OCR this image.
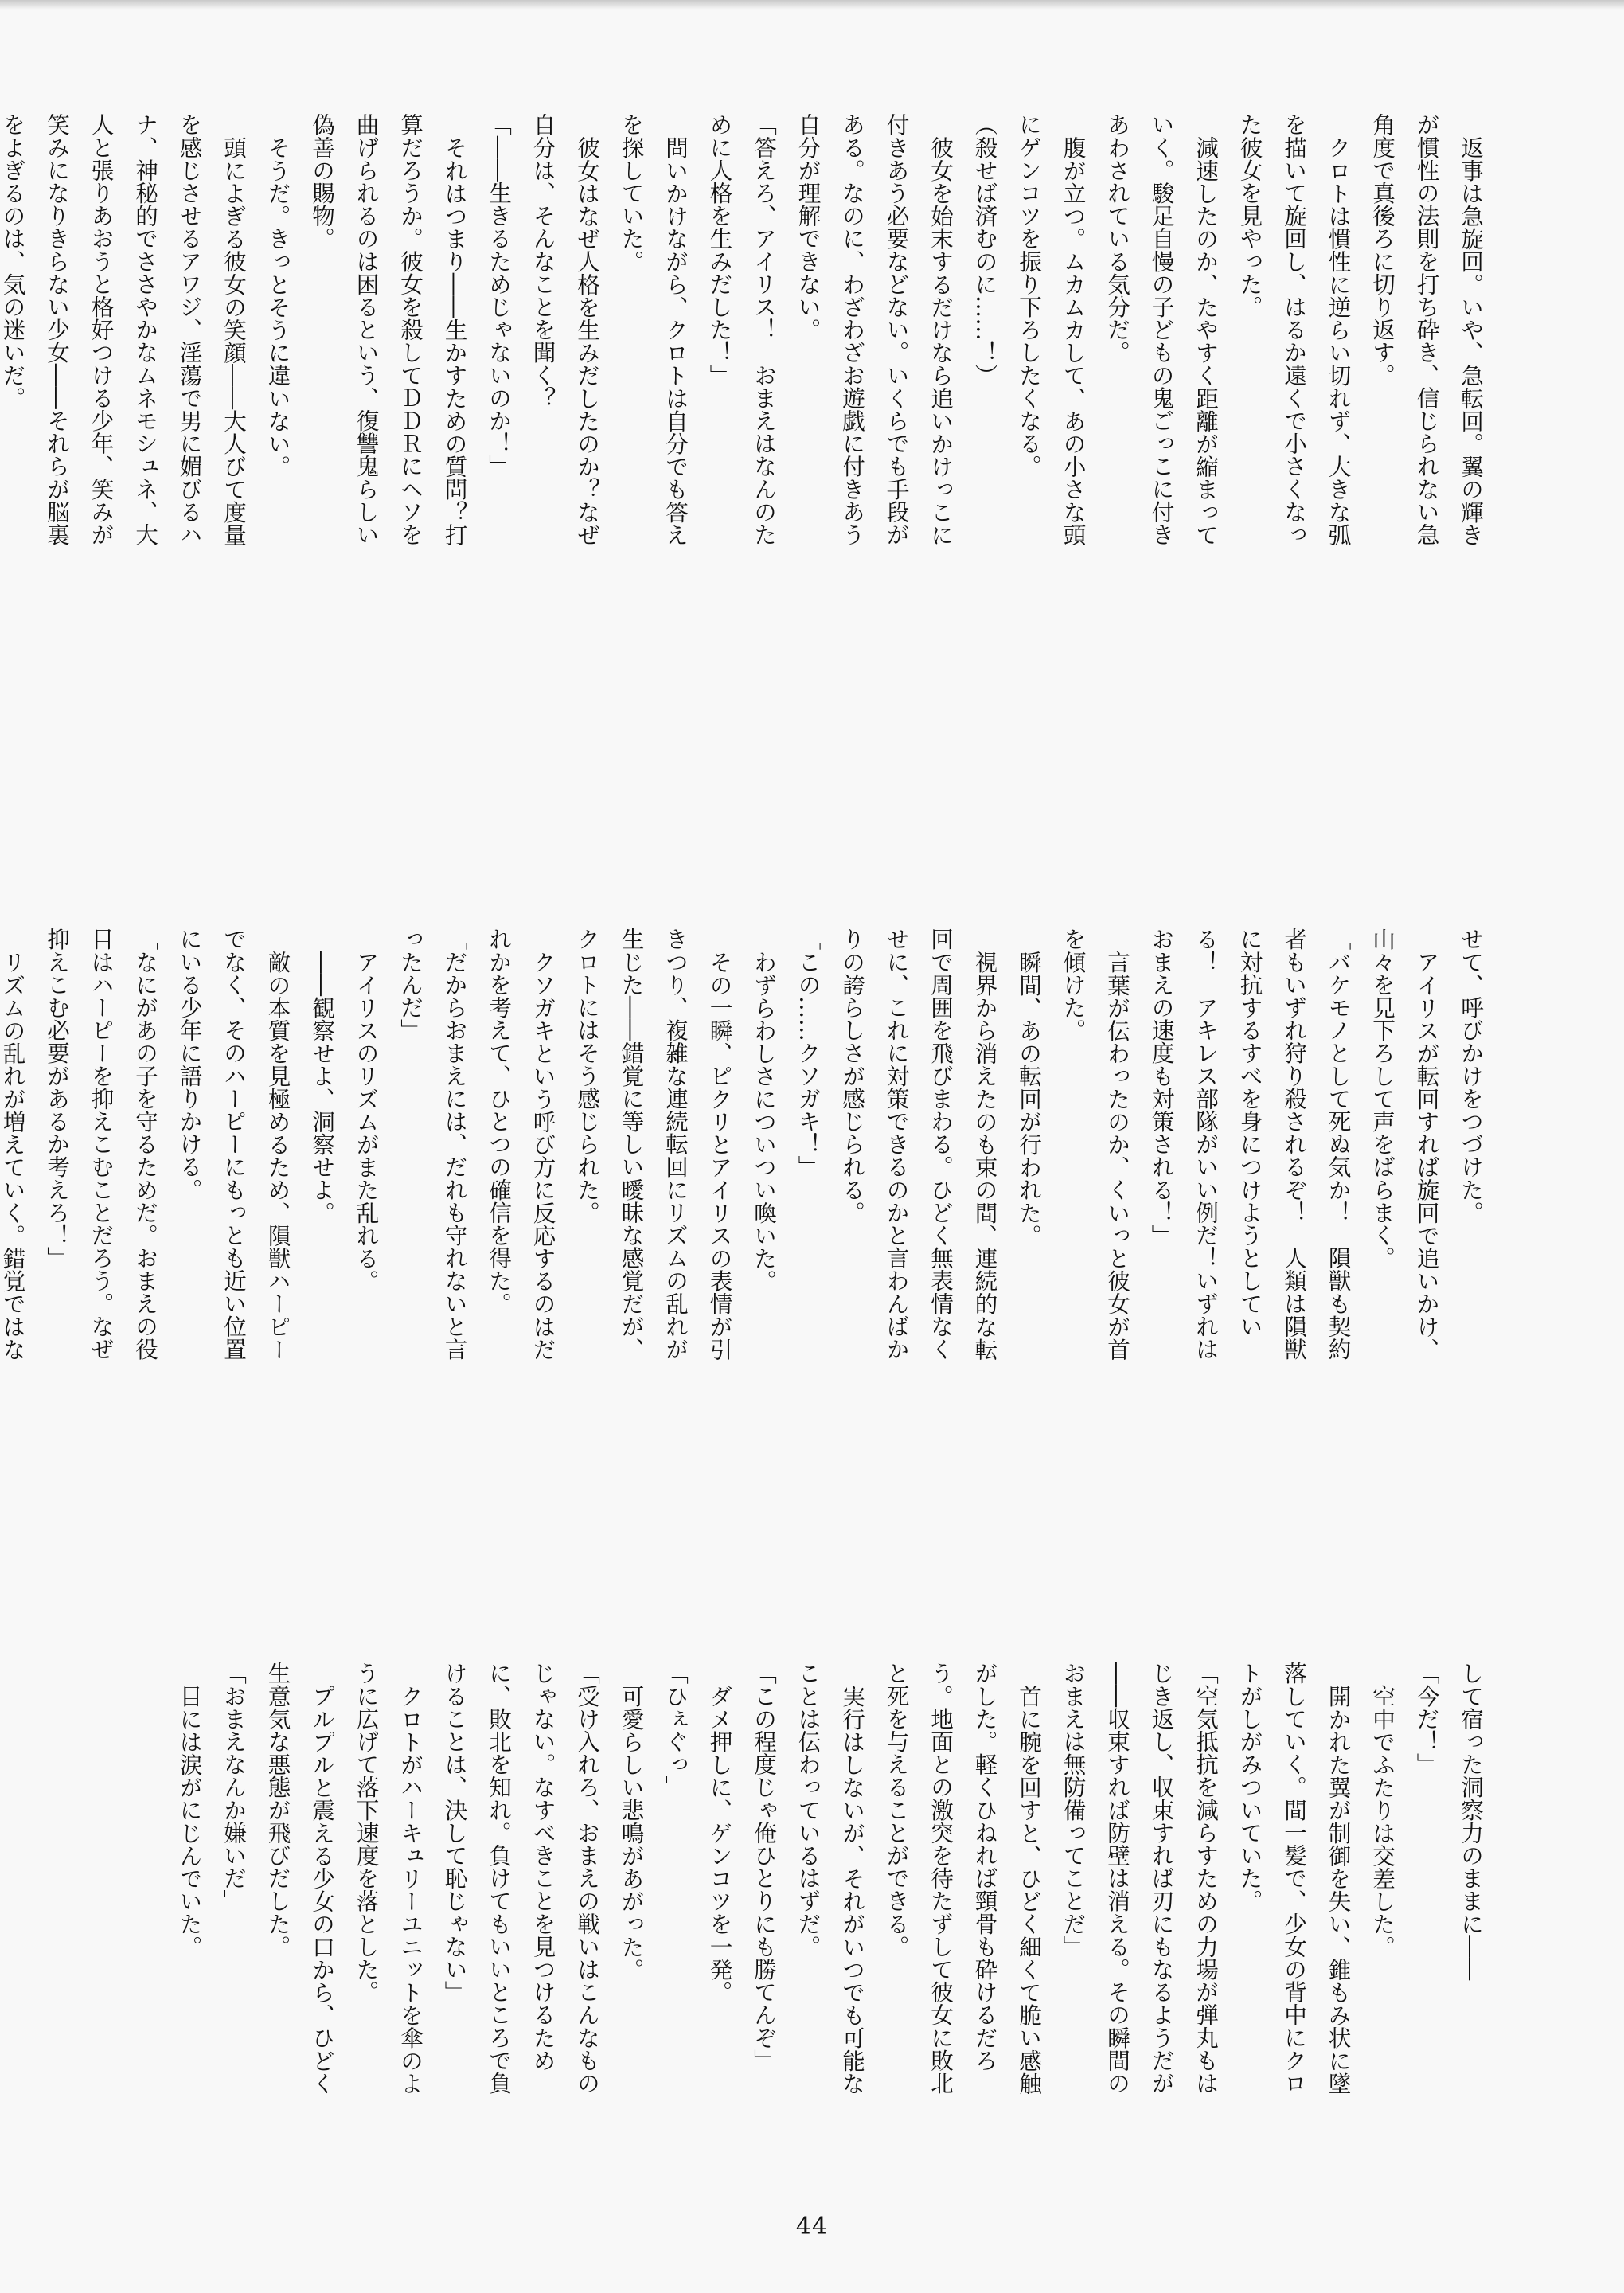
返事は急旋回。いや、急転回。翼の輝きが慣性の法則を打ち砕き、信じられない急角度で真後ろに切り返す。

クロトは慣性に逆らい切れず、大きな弧を描いて旋回し、はるか遠くで小さくなった彼女を見やった。

減速したのか、たやすく距離が縮まっていく。駿足自慢の子どもの鬼ごっこに付きあわされている気分だ。

腹が立つ。ムカムカして、あの小さな頭にゲンコツを振り下ろしたくなる。

（殺せば済むのに……！）

彼女を始末するだけなら追いかけっこに付きあう必要などない。いくらでも手段がある。なのに、わざわざお遊戯に付きあう自分が理解できない。

「答えろ、アイリス！　おまえはなんのために人格を生みだした！」

問いかけながら、クロトは自分でも答えを探していた。

彼女はなぜ人格を生みだしたのか？なぜ自分は、そんなことを聞く？

「――生きるためじゃないのか！」

それはつまり――生かすための質問？打算だろうか。彼女を殺してＤＤＲにヘソを曲げられるのは困るという、復讐鬼らしい偽善の賜物。

そうだ。きっとそうに違いない。

頭によぎる彼女の笑顔――大人びて度量を感じさせるアワジ、淫蕩で男に媚びるハナ、神秘的でささやかなムネモシュネ、大人と張りあおうと格好つける少年、笑みが笑みになりきらない少女――それらが脳裏をよぎるのは、気の迷いだ。

せて、呼びかけをつづけた。

アイリスが転回すれば旋回で追いかけ、山々を見下ろして声をばらまく。

「バケモノとして死ぬ気か！　隕獣も契約者もいずれ狩り殺されるぞ！　人類は隕獣に対抗するすべを身につけようとしている！　アキレス部隊がいい例だ！いずれはおまえの速度も対策される！」

言葉が伝わったのか、くいっと彼女が首を傾けた。

瞬間、あの転回が行われた。

視界から消えたのも束の間、連続的な転回で周囲を飛びまわる。ひどく無表情なくせに、これに対策できるのかと言わんばかりの誇らしさが感じられる。

「この……クソガキ！」

わずらわしさについつい喚いた。

その一瞬、ピクリとアイリスの表情が引きつり、複雑な連続転回にリズムの乱れが生じた――錯覚に等しい曖昧な感覚だが、クロトにはそう感じられた。

クソガキという呼び方に反応するのはだれかを考えて、ひとつの確信を得た。

「だからおまえには、だれも守れないと言ったんだ」

アイリスのリズムがまた乱れる。

――観察せよ、洞察せよ。

敵の本質を見極めるため、隕獣ハーピーでなく、そのハーピーにもっとも近い位置にいる少年に語りかける。

「なにがあの子を守るためだ。おまえの役目はハーピーを抑えこむことだろう。なぜ抑えこむ必要があるか考えろ！」

リズムの乱れが増えていく。錯覚ではな

して宿った洞察力のままに――

「今だ！」

空中でふたりは交差した。

開かれた翼が制御を失い、錐もみ状に墜落していく。間一髪で、少女の背中にクロトがしがみついていた。

「空気抵抗を減らすための力場が弾丸もはじき返し、収束すれば刃にもなるようだが――収束すれば防壁は消える。その瞬間のおまえは無防備ってことだ」

首に腕を回すと、ひどく細くて脆い感触がした。軽くひねれば頸骨も砕けるだろう。地面との激突を待たずして彼女に敗北と死を与えることができる。

実行はしないが、それがいつでも可能なことは伝わっているはずだ。

「この程度じゃ俺ひとりにも勝てんぞ」

ダメ押しに、ゲンコツを一発。

「ひぇぐっ」

可愛らしい悲鳴があがった。

「受け入れろ、おまえの戦いはこんなものじゃない。なすべきことを見つけるために、敗北を知れ。負けてもいいところで負けることは、決して恥じゃない」

クロトがハーキュリーユニットを傘のように広げて落下速度を落とした。

プルプルと震える少女の口から、ひどく生意気な悪態が飛びだした。

「おまえなんか嫌いだ」

目には涙がにじんでいた。

44
